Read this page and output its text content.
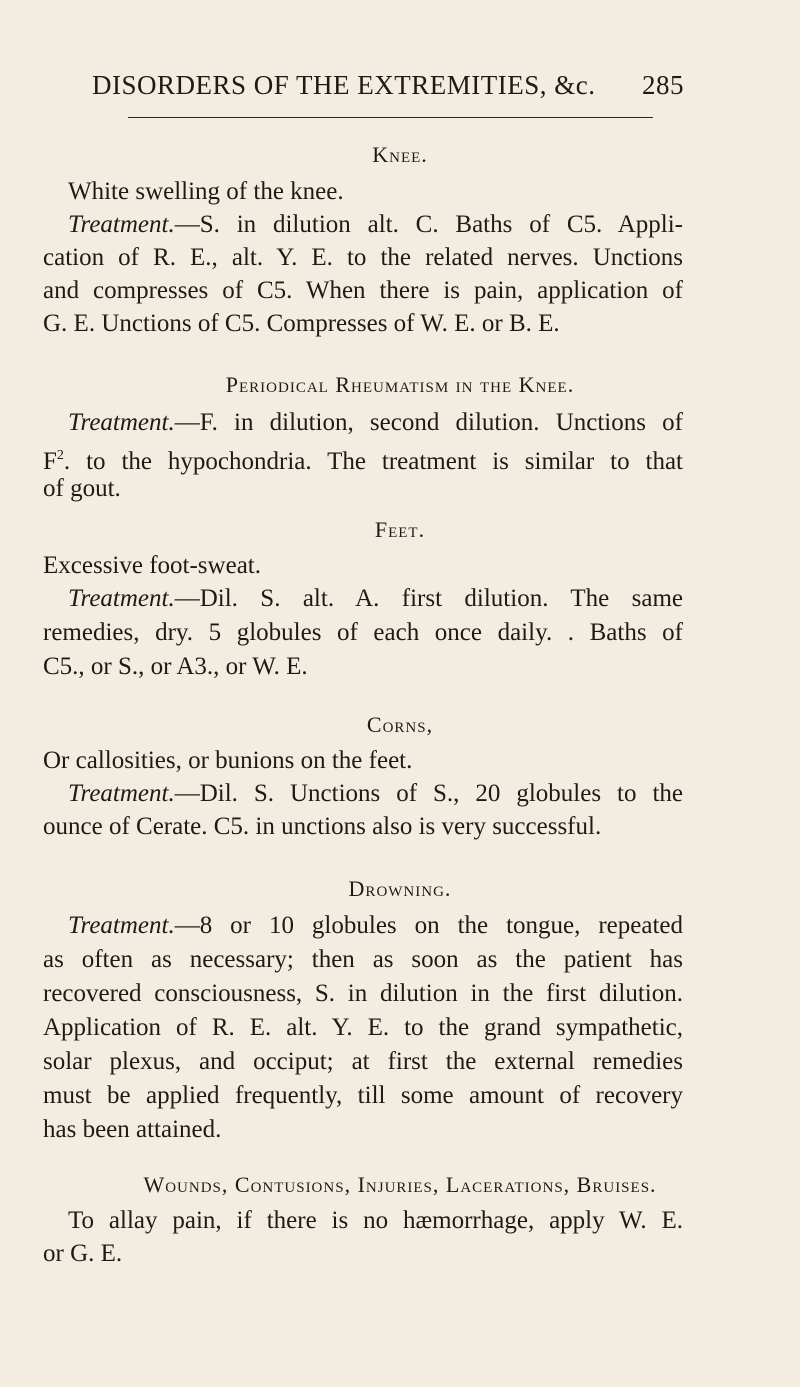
DISORDERS OF THE EXTREMITIES, &c. 285
Knee.
White swelling of the knee.
Treatment.—S. in dilution alt. C. Baths of C5. Appli-
cation of R. E., alt. Y. E. to the related nerves. Unctions
and compresses of C5. When there is pain, application of
G. E. Unctions of C5. Compresses of W. E. or B. E.
Periodical Rheumatism in the Knee.
Treatment.—F. in dilution, second dilution. Unctions of
$F^2$. to the hypochondria. The treatment is similar to that
of gout.
Feet.
Excessive foot-sweat.
Treatment.—Dil. S. alt. A. first dilution. The same
remedies, dry. 5 globules of each once daily. . Baths of
C5., or S., or A3., or W. E.
Corns,
Or callosities, or bunions on the feet.
Treatment.—Dil. S. Unctions of S., 20 globules to the
ounce of Cerate. C5. in unctions also is very successful.
Drowning.
Treatment.—8 or 10 globules on the tongue, repeated
as often as necessary; then as soon as the patient has
recovered consciousness, S. in dilution in the first dilution.
Application of R. E. alt. Y. E. to the grand sympathetic,
solar plexus, and occiput; at first the external remedies
must be applied frequently, till some amount of recovery
has been attained.
Wounds, Contusions, Injuries, Lacerations, Bruises.
To allay pain, if there is no hæmorrhage, apply W. E.
or G. E.
